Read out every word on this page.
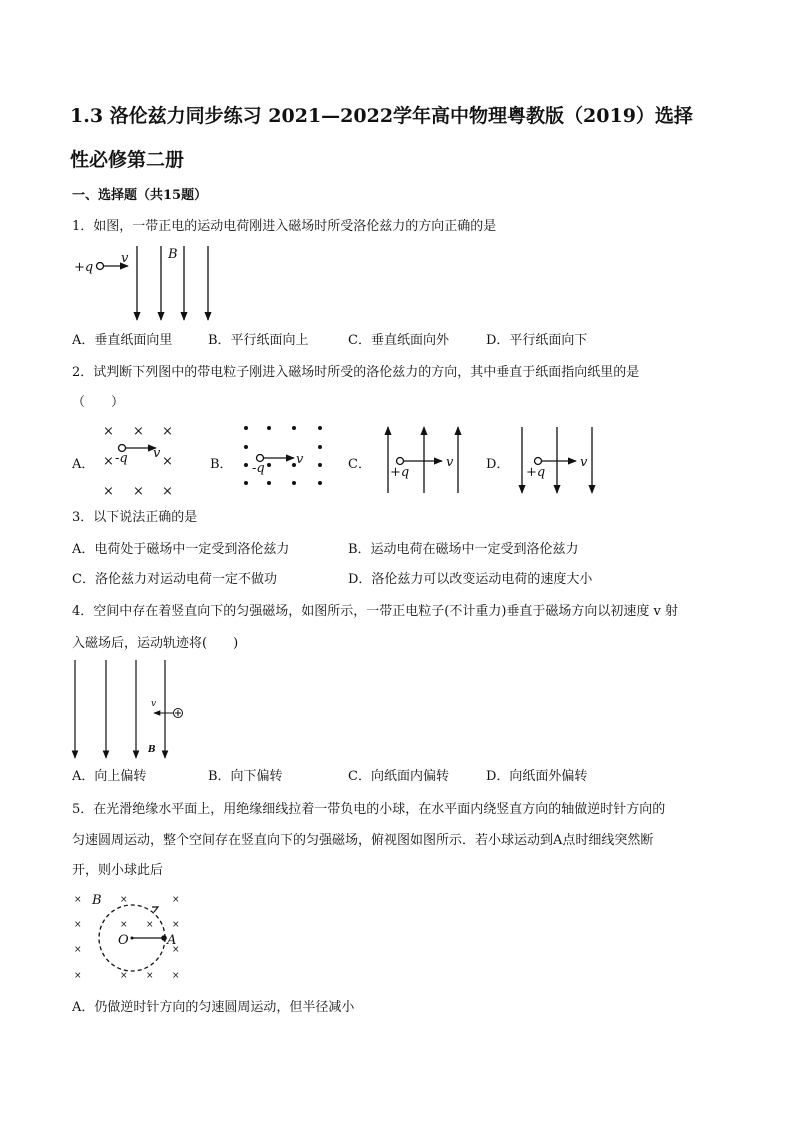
1.3 洛伦兹力同步练习 2021—2022学年高中物理粤教版（2019）选择
性必修第二册
一、选择题（共15题）
1．如图，一带正电的运动电荷刚进入磁场时所受洛伦兹力的方向正确的是
+q
v	B
A．垂直纸面向里	B．平行纸面向上	C．垂直纸面向外	D．平行纸面向下
2．试判断下列图中的带电粒子刚进入磁场时所受的洛伦兹力的方向，其中垂直于纸面指向纸里的是
（　　）
A．
× × ×
×	×
× × ×
-q v
B． -q
v	C．
+q
v	D．
+q
v
3．以下说法正确的是
A．电荷处于磁场中一定受到洛伦兹力	B．运动电荷在磁场中一定受到洛伦兹力
C．洛伦兹力对运动电荷一定不做功	D．洛伦兹力可以改变运动电荷的速度大小
4．空间中存在着竖直向下的匀强磁场，如图所示，一带正电粒子(不计重力)垂直于磁场方向以初速度 v 射
入磁场后，运动轨迹将(　　)
v
B
A．向上偏转	B．向下偏转	C．向纸面内偏转	D．向纸面外偏转
5．在光滑绝缘水平面上，用绝缘细线拉着一带负电的小球，在水平面内绕竖直方向的轴做逆时针方向的
匀速圆周运动，整个空间存在竖直向下的匀强磁场，俯视图如图所示．若小球运动到A点时细线突然断
开，则小球此后
×	×	×
×	× × ×
×	×
×	× × ×
B
O	A
A．仍做逆时针方向的匀速圆周运动，但半径减小
